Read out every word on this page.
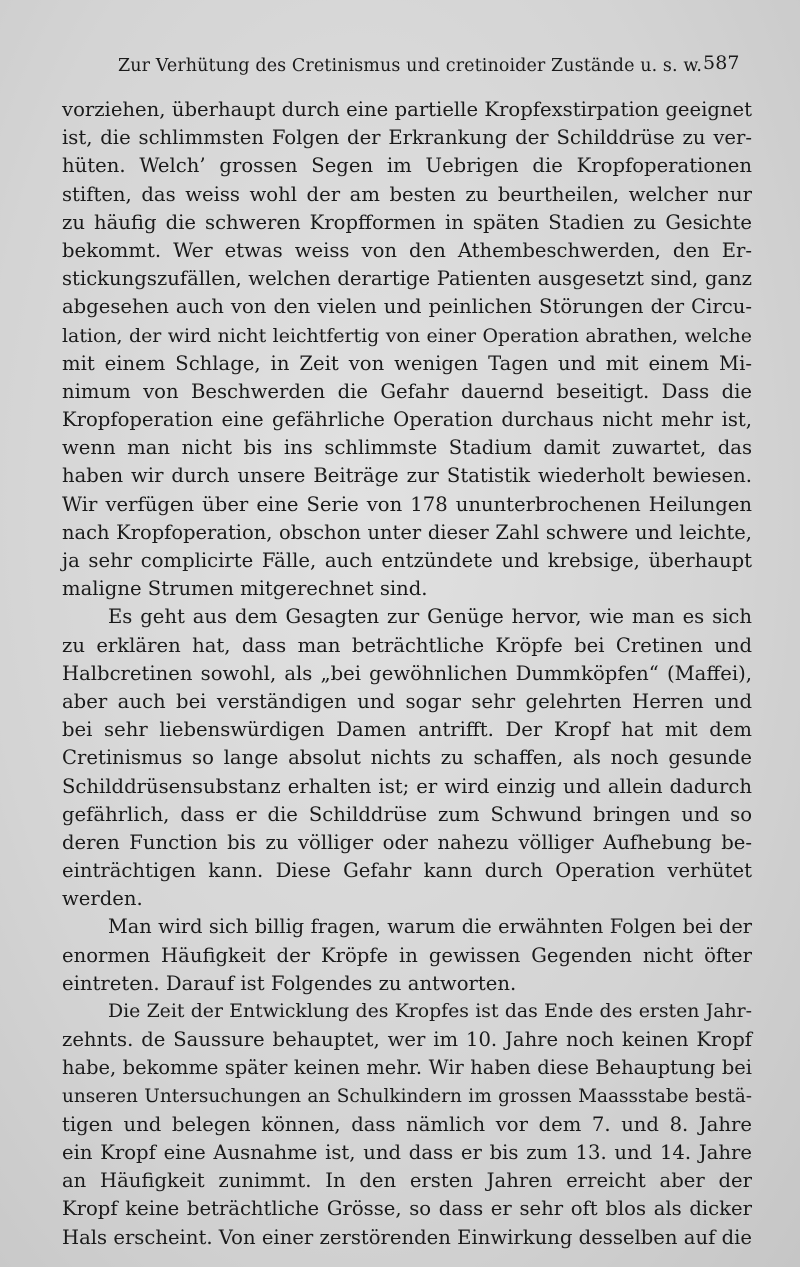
Zur Verhütung des Cretinismus und cretinoider Zustände u. s. w. 587
vorziehen, überhaupt durch eine partielle Kropfexstirpation geeignet
ist, die schlimmsten Folgen der Erkrankung der Schilddrüse zu ver-
hüten. Welch’ grossen Segen im Uebrigen die Kropfoperationen
stiften, das weiss wohl der am besten zu beurtheilen, welcher nur
zu häufig die schweren Kropfformen in späten Stadien zu Gesichte
bekommt. Wer etwas weiss von den Athembeschwerden, den Er-
stickungszufällen, welchen derartige Patienten ausgesetzt sind, ganz
abgesehen auch von den vielen und peinlichen Störungen der Circu-
lation, der wird nicht leichtfertig von einer Operation abrathen, welche
mit einem Schlage, in Zeit von wenigen Tagen und mit einem Mi-
nimum von Beschwerden die Gefahr dauernd beseitigt. Dass die
Kropfoperation eine gefährliche Operation durchaus nicht mehr ist,
wenn man nicht bis ins schlimmste Stadium damit zuwartet, das
haben wir durch unsere Beiträge zur Statistik wiederholt bewiesen.
Wir verfügen über eine Serie von 178 ununterbrochenen Heilungen
nach Kropfoperation, obschon unter dieser Zahl schwere und leichte,
ja sehr complicirte Fälle, auch entzündete und krebsige, überhaupt
maligne Strumen mitgerechnet sind.
Es geht aus dem Gesagten zur Genüge hervor, wie man es sich
zu erklären hat, dass man beträchtliche Kröpfe bei Cretinen und
Halbcretinen sowohl, als „bei gewöhnlichen Dummköpfen“ (Maffei),
aber auch bei verständigen und sogar sehr gelehrten Herren und
bei sehr liebenswürdigen Damen antrifft. Der Kropf hat mit dem
Cretinismus so lange absolut nichts zu schaffen, als noch gesunde
Schilddrüsensubstanz erhalten ist; er wird einzig und allein dadurch
gefährlich, dass er die Schilddrüse zum Schwund bringen und so
deren Function bis zu völliger oder nahezu völliger Aufhebung be-
einträchtigen kann. Diese Gefahr kann durch Operation verhütet
werden.
Man wird sich billig fragen, warum die erwähnten Folgen bei der
enormen Häufigkeit der Kröpfe in gewissen Gegenden nicht öfter
eintreten. Darauf ist Folgendes zu antworten.
Die Zeit der Entwicklung des Kropfes ist das Ende des ersten Jahr-
zehnts. de Saussure behauptet, wer im 10. Jahre noch keinen Kropf
habe, bekomme später keinen mehr. Wir haben diese Behauptung bei
unseren Untersuchungen an Schulkindern im grossen Maassstabe bestä-
tigen und belegen können, dass nämlich vor dem 7. und 8. Jahre
ein Kropf eine Ausnahme ist, und dass er bis zum 13. und 14. Jahre
an Häufigkeit zunimmt. In den ersten Jahren erreicht aber der
Kropf keine beträchtliche Grösse, so dass er sehr oft blos als dicker
Hals erscheint. Von einer zerstörenden Einwirkung desselben auf die
